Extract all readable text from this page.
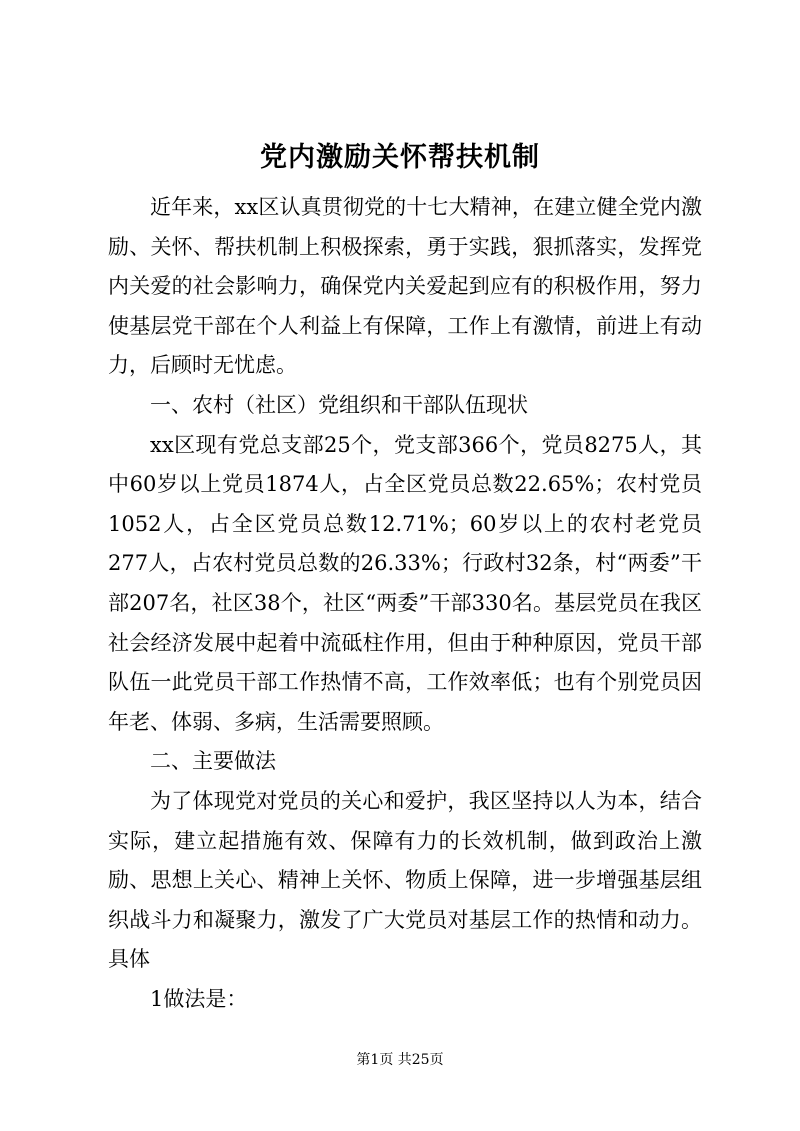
党内激励关怀帮扶机制

近年来，xx区认真贯彻党的十七大精神，在建立健全党内激励、关怀、帮扶机制上积极探索，勇于实践，狠抓落实，发挥党内关爱的社会影响力，确保党内关爱起到应有的积极作用，努力使基层党干部在个人利益上有保障，工作上有激情，前进上有动力，后顾时无忧虑。

一、农村（社区）党组织和干部队伍现状

xx区现有党总支部25个，党支部366个，党员8275人，其中60岁以上党员1874人，占全区党员总数22.65%；农村党员1052人，占全区党员总数12.71%；60岁以上的农村老党员277人，占农村党员总数的26.33%；行政村32条，村“两委”干部207名，社区38个，社区“两委”干部330名。基层党员在我区社会经济发展中起着中流砥柱作用，但由于种种原因，党员干部队伍一此党员干部工作热情不高，工作效率低；也有个别党员因年老、体弱、多病，生活需要照顾。

二、主要做法

为了体现党对党员的关心和爱护，我区坚持以人为本，结合实际，建立起措施有效、保障有力的长效机制，做到政治上激励、思想上关心、精神上关怀、物质上保障，进一步增强基层组织战斗力和凝聚力，激发了广大党员对基层工作的热情和动力。具体

1做法是：

第1页 共25页
